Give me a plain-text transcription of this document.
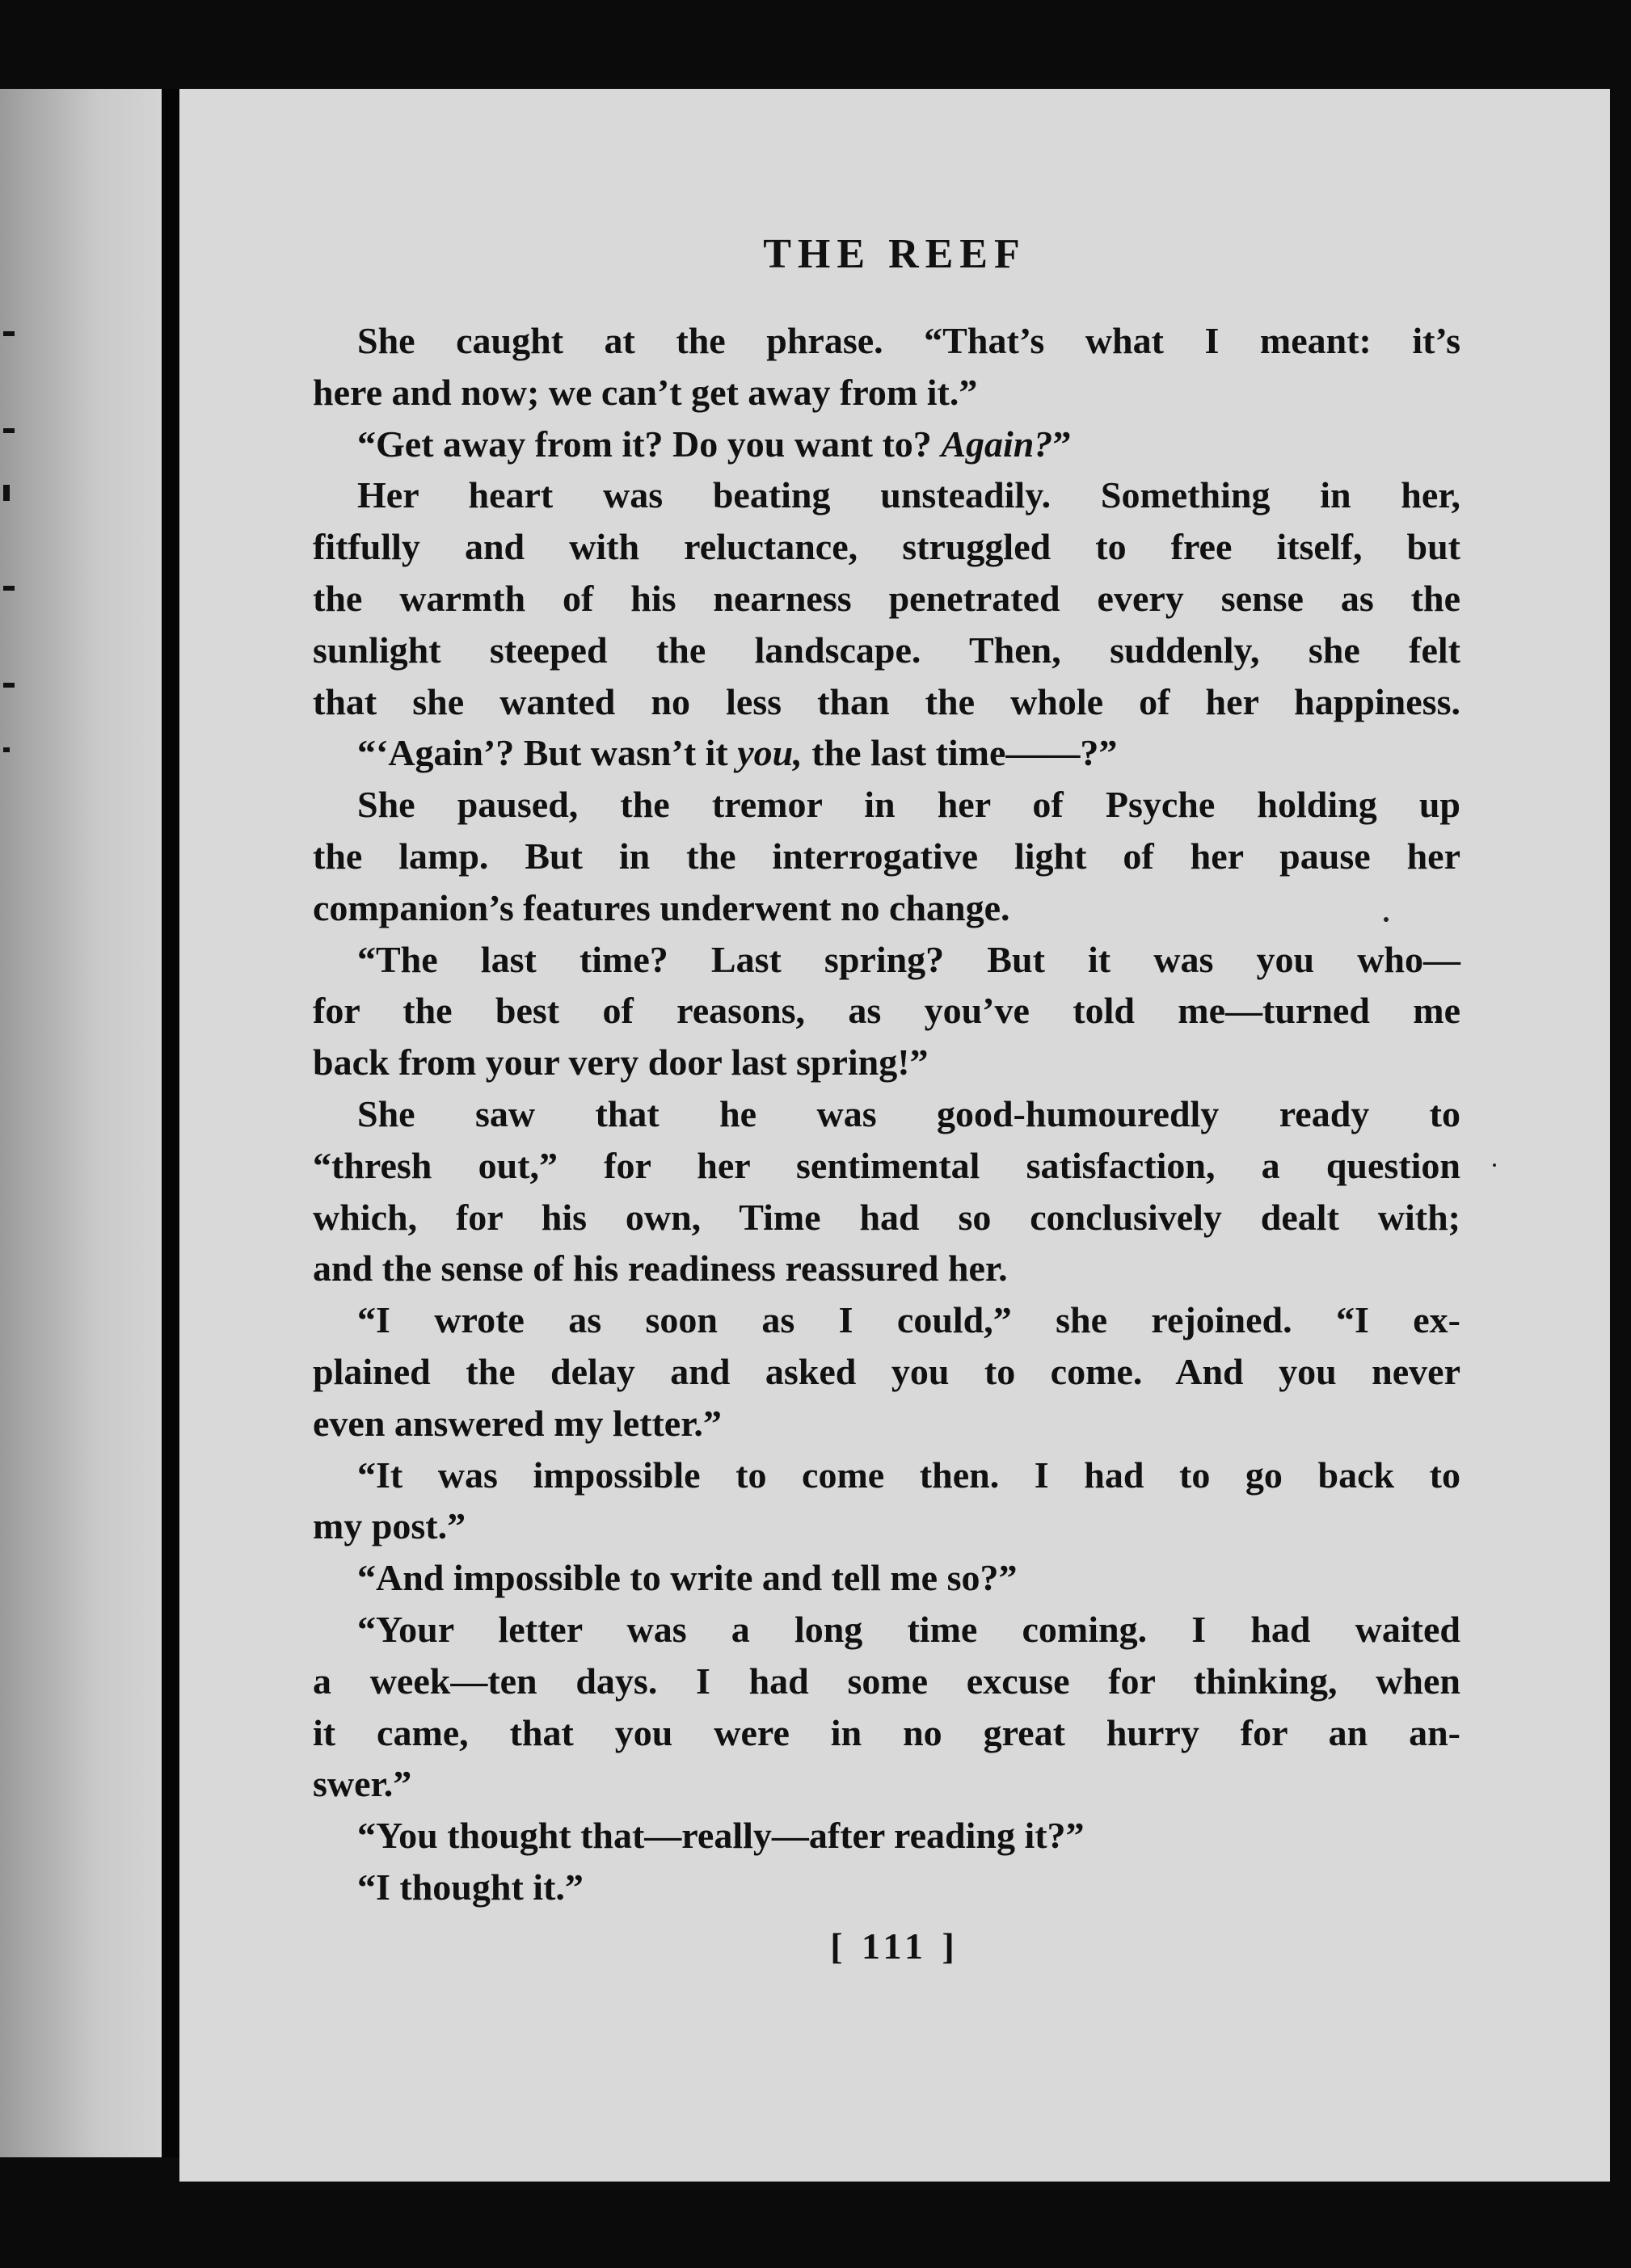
THE REEF
She caught at the phrase. “That’s what I meant: it’s
here and now; we can’t get away from it.”
“Get away from it? Do you want to? Again?”
Her heart was beating unsteadily. Something in her,
fitfully and with reluctance, struggled to free itself, but
the warmth of his nearness penetrated every sense as the
sunlight steeped the landscape. Then, suddenly, she felt
that she wanted no less than the whole of her happiness.
“‘Again’? But wasn’t it you, the last time——?”
She paused, the tremor in her of Psyche holding up
the lamp. But in the interrogative light of her pause her
companion’s features underwent no change.
“The last time? Last spring? But it was you who—
for the best of reasons, as you’ve told me—turned me
back from your very door last spring!”
She saw that he was good-humouredly ready to
“thresh out,” for her sentimental satisfaction, a question
which, for his own, Time had so conclusively dealt with;
and the sense of his readiness reassured her.
“I wrote as soon as I could,” she rejoined. “I ex-
plained the delay and asked you to come. And you never
even answered my letter.”
“It was impossible to come then. I had to go back to
my post.”
“And impossible to write and tell me so?”
“Your letter was a long time coming. I had waited
a week—ten days. I had some excuse for thinking, when
it came, that you were in no great hurry for an an-
swer.”
“You thought that—really—after reading it?”
“I thought it.”
[ 111 ]
